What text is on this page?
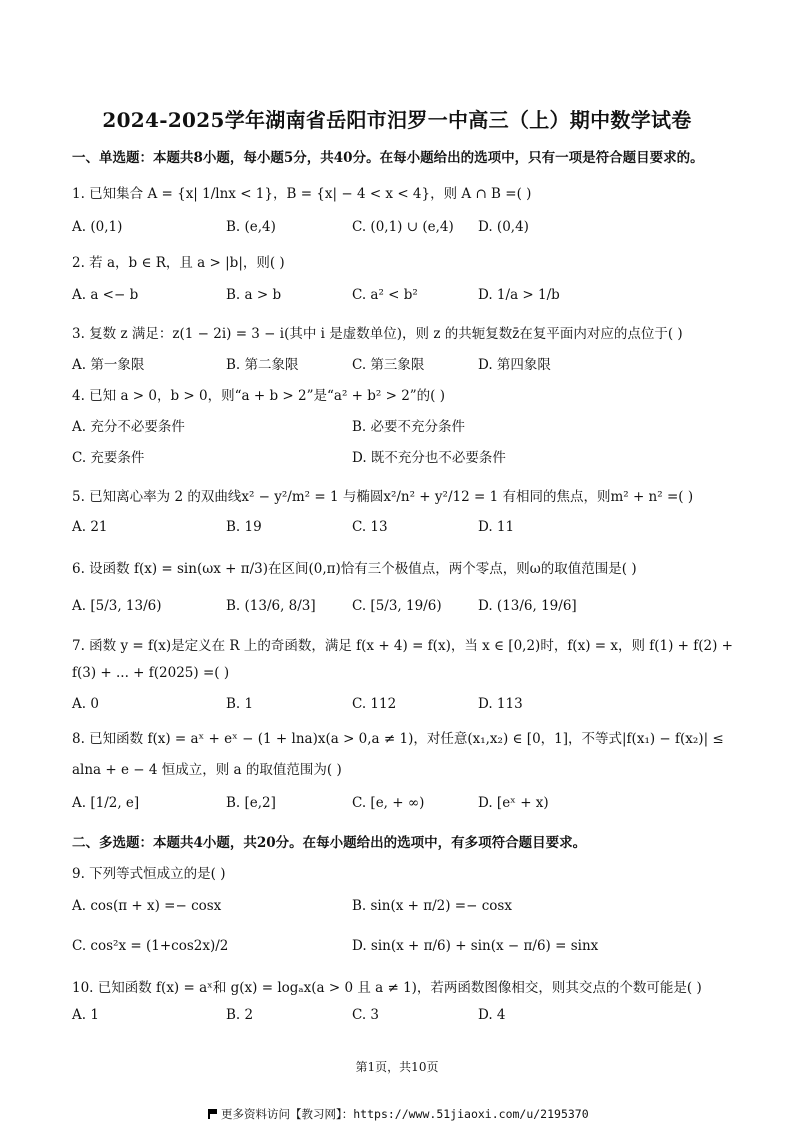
2024-2025学年湖南省岳阳市汨罗一中高三（上）期中数学试卷
一、单选题：本题共8小题，每小题5分，共40分。在每小题给出的选项中，只有一项是符合题目要求的。
1. 已知集合 A = {x| 1/lnx < 1}，B = {x| − 4 < x < 4}，则 A ∩ B =( )
A. (0,1)	B. (e,4)	C. (0,1) ∪ (e,4) D. (0,4)
2. 若 a，b ∈ R，且 a > |b|，则( )
A. a <− b	B. a > b	C. a² < b²	D. 1/a > 1/b
3. 复数 z 满足：z(1 − 2i) = 3 − i(其中 i 是虚数单位)，则 z 的共轭复数z̄在复平面内对应的点位于( )
A. 第一象限	B. 第二象限	C. 第三象限	D. 第四象限
4. 已知 a > 0，b > 0，则“a + b > 2”是“a² + b² > 2”的( )
A. 充分不必要条件	B. 必要不充分条件
C. 充要条件	D. 既不充分也不必要条件
5. 已知离心率为 2 的双曲线x² − y²/m² = 1 与椭圆x²/n² + y²/12 = 1 有相同的焦点，则m² + n² =( )
A. 21	B. 19	C. 13	D. 11
6. 设函数 f(x) = sin(ωx + π/3)在区间(0,π)恰有三个极值点，两个零点，则ω的取值范围是( )
A. [5/3, 13/6)	B. (13/6, 8/3]	C. [5/3, 19/6)	D. (13/6, 19/6]
7. 函数 y = f(x)是定义在 R 上的奇函数，满足 f(x + 4) = f(x)，当 x ∈ [0,2)时，f(x) = x，则 f(1) + f(2) +
f(3) + ... + f(2025) =( )
A. 0	B. 1	C. 112	D. 113
8. 已知函数 f(x) = aˣ + eˣ − (1 + lna)x(a > 0,a ≠ 1)，对任意(x₁,x₂) ∈ [0，1]，不等式|f(x₁) − f(x₂)| ≤
alna + e − 4 恒成立，则 a 的取值范围为( )
A. [1/2, e]	B. [e,2]	C. [e, + ∞)	D. [eˣ + x)
二、多选题：本题共4小题，共20分。在每小题给出的选项中，有多项符合题目要求。
9. 下列等式恒成立的是( )
A. cos(π + x) =− cosx	B. sin(x + π/2) =− cosx
C. cos²x = (1+cos2x)/2	D. sin(x + π/6) + sin(x − π/6) = sinx
10. 已知函数 f(x) = aˣ和 g(x) = logₐx(a > 0 且 a ≠ 1)，若两函数图像相交，则其交点的个数可能是( )
A. 1	B. 2	C. 3	D. 4
第1页，共10页
更多资料访问【教习网】：https://www.51jiaoxi.com/u/2195370
